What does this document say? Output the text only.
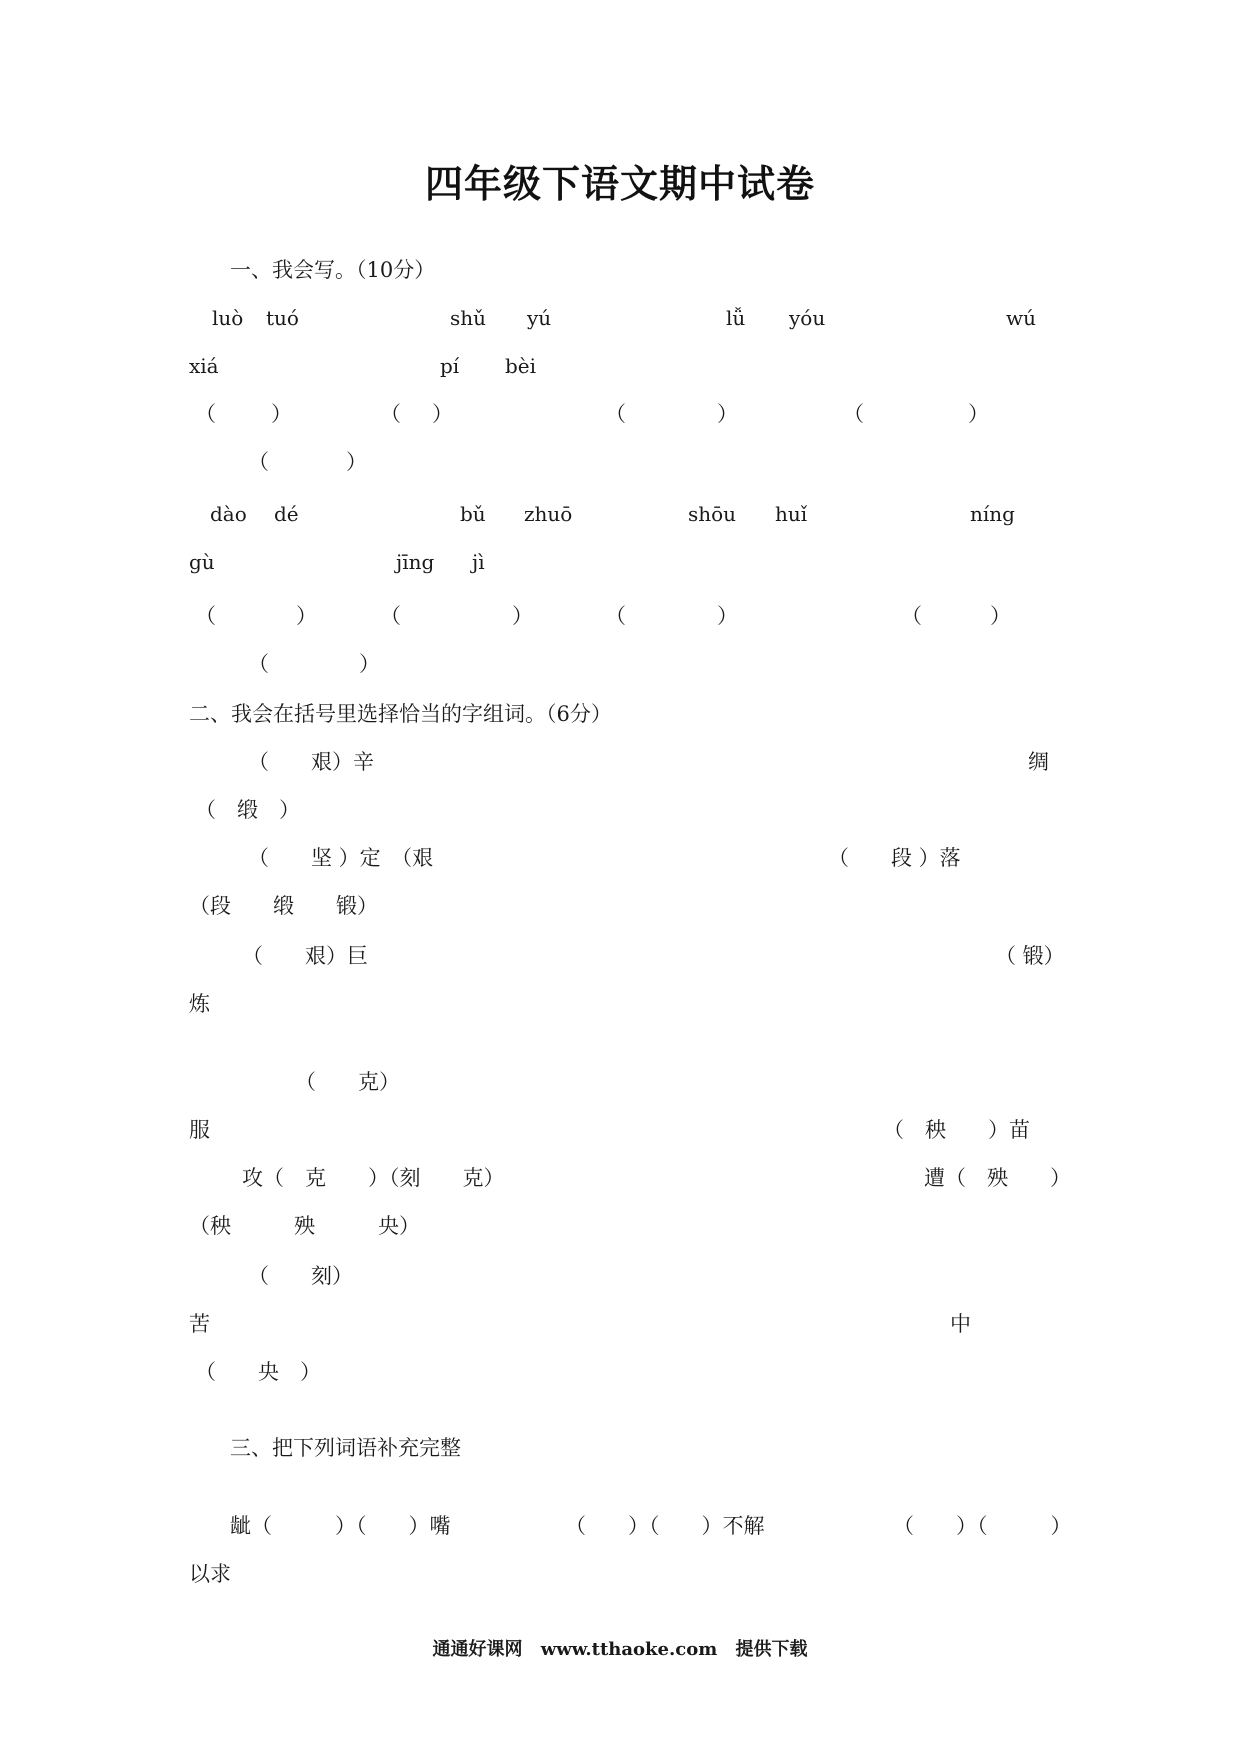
四年级下语文期中试卷
一、我会写。（10分）
luò tuó	shǔ yú	lǚ yóu	wú
xiá	pí bèi
（	）	（ ）	（	）	（	）
（	）
dào dé	bǔ zhuō	shōu huǐ	níng
gù	jīng jì
（	）	（	）	（	）	（	）
（	）
二、我会在括号里选择恰当的字组词。（6分）
（　　艰）辛	绸
（　缎　）
（　　坚 ）定　（艰	（　　段 ）落
（段　　缎　　锻）
（　　艰）巨	（ 锻）
炼
（　　克）
服	（　秧　　）苗
攻（　克　　）（刻　　克）	遭（　殃　　）
（秧　　　殃　　　央）
（　　刻）
苦	中
（　　央　）
三、把下列词语补充完整
龇（　　　）（　　）嘴	（　　）（　　）不解	（　　）（　　　）
以求
通通好课网 www.tthaoke.com 提供下载
